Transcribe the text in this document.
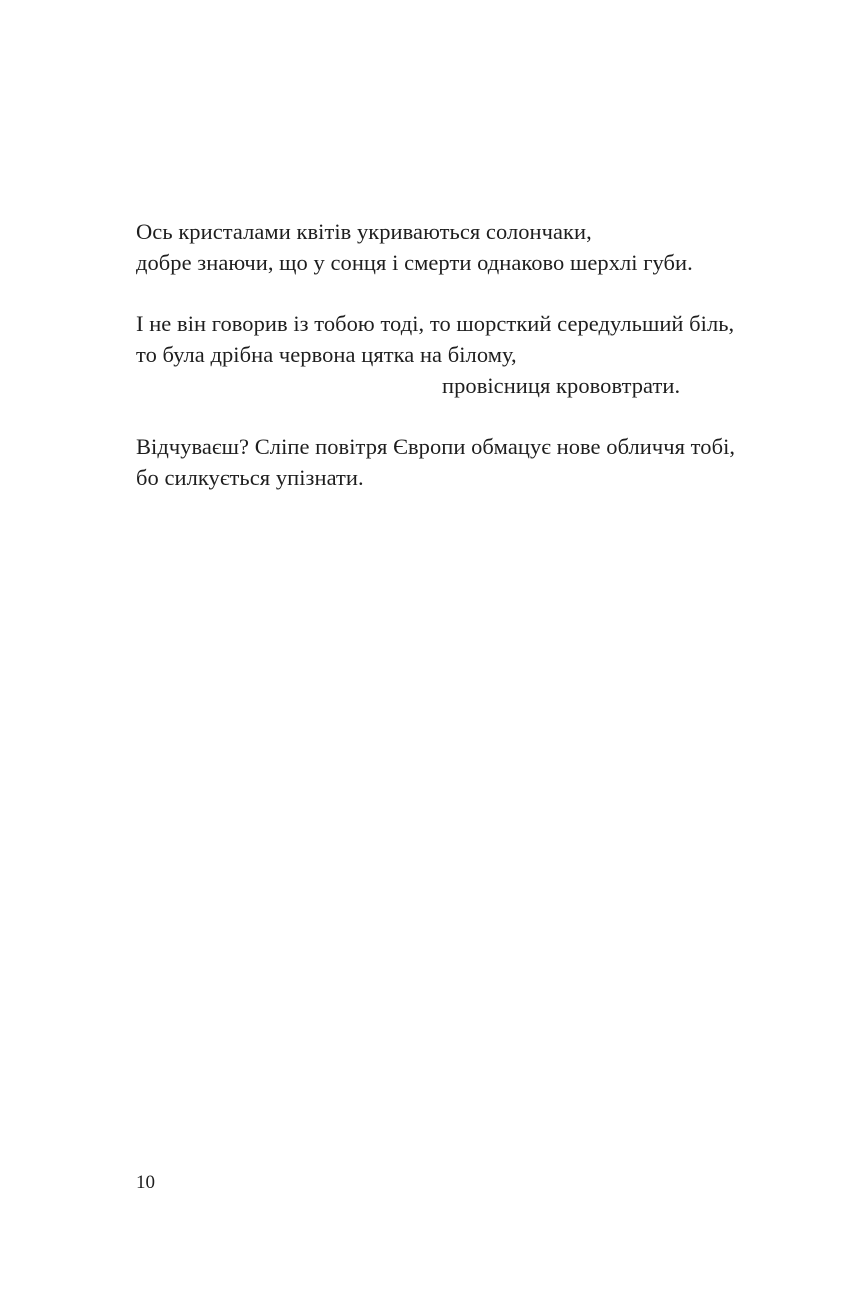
Ось кристалами квітів укриваються солончаки,
добре знаючи, що у сонця і смерти однаково шерхлі губи.
І не він говорив із тобою тоді, то шорсткий середульший біль,
то була дрібна червона цятка на білому,
провісниця крововтрати.
Відчуваєш? Сліпе повітря Європи обмацує нове обличчя тобі,
бо силкується упізнати.
10
